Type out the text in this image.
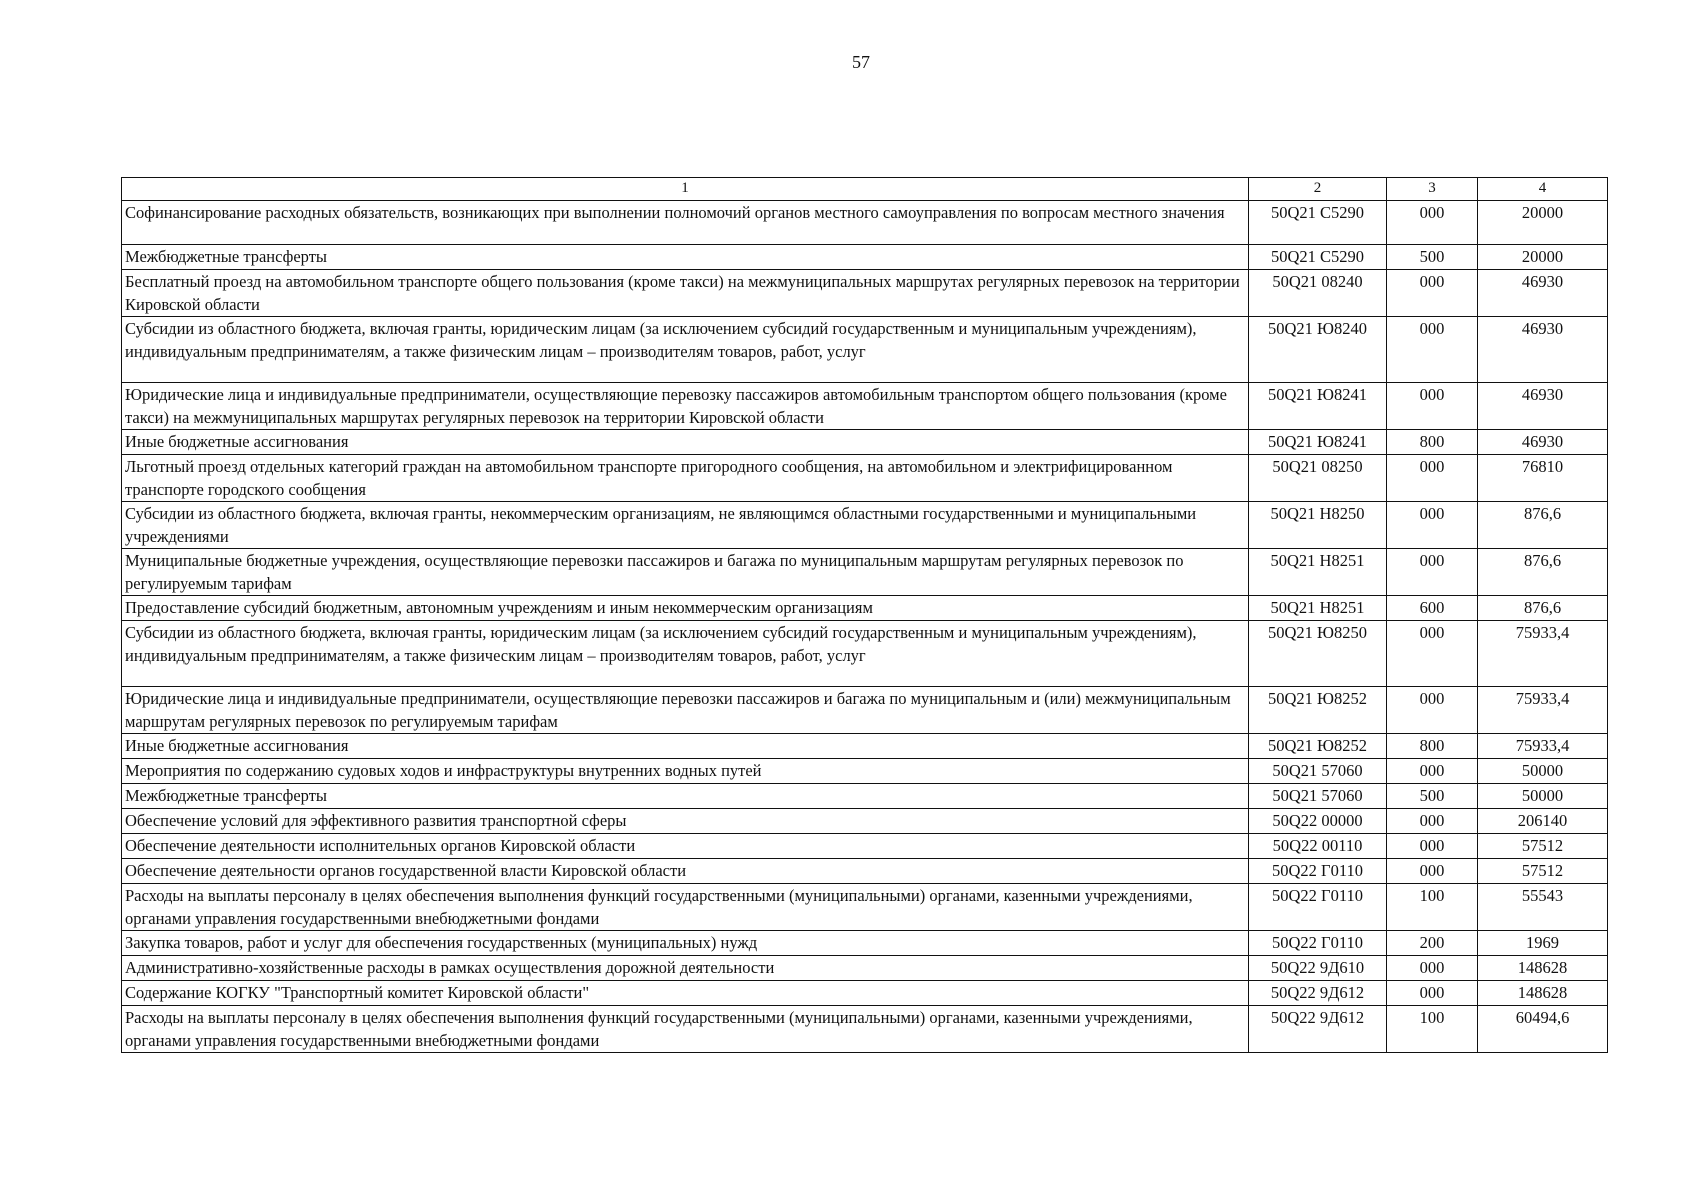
57
1	2	3	4
Софинансирование расходных обязательств, возникающих при выполнении полномочий органов местного самоуправления по вопросам местного значения	50Q21 С5290	000	20000
Межбюджетные трансферты	50Q21 С5290	500	20000
Бесплатный проезд на автомобильном транспорте общего пользования (кроме такси) на межмуниципальных маршрутах регулярных перевозок на территории Кировской области	50Q21 08240	000	46930
Субсидии из областного бюджета, включая гранты, юридическим лицам (за исключением субсидий государственным и муниципальным учреждениям), индивидуальным предпринимателям, а также физическим лицам – производителям товаров, работ, услуг	50Q21 Ю8240	000	46930
Юридические лица и индивидуальные предприниматели, осуществляющие перевозку пассажиров автомобильным транспортом общего пользования (кроме такси) на межмуниципальных маршрутах регулярных перевозок на территории Кировской области	50Q21 Ю8241	000	46930
Иные бюджетные ассигнования	50Q21 Ю8241	800	46930
Льготный проезд отдельных категорий граждан на автомобильном транспорте пригородного сообщения, на автомобильном и электрифицированном транспорте городского сообщения	50Q21 08250	000	76810
Субсидии из областного бюджета, включая гранты, некоммерческим организациям, не являющимся областными государственными и муниципальными учреждениями	50Q21 Н8250	000	876,6
Муниципальные бюджетные учреждения, осуществляющие перевозки пассажиров и багажа по муниципальным маршрутам регулярных перевозок по регулируемым тарифам	50Q21 Н8251	000	876,6
Предоставление субсидий бюджетным, автономным учреждениям и иным некоммерческим организациям	50Q21 Н8251	600	876,6
Субсидии из областного бюджета, включая гранты, юридическим лицам (за исключением субсидий государственным и муниципальным учреждениям), индивидуальным предпринимателям, а также физическим лицам – производителям товаров, работ, услуг	50Q21 Ю8250	000	75933,4
Юридические лица и индивидуальные предприниматели, осуществляющие перевозки пассажиров и багажа по муниципальным и (или) межмуниципальным маршрутам регулярных перевозок по регулируемым тарифам	50Q21 Ю8252	000	75933,4
Иные бюджетные ассигнования	50Q21 Ю8252	800	75933,4
Мероприятия по содержанию судовых ходов и инфраструктуры внутренних водных путей	50Q21 57060	000	50000
Межбюджетные трансферты	50Q21 57060	500	50000
Обеспечение условий для эффективного развития транспортной сферы	50Q22 00000	000	206140
Обеспечение деятельности исполнительных органов Кировской области	50Q22 00110	000	57512
Обеспечение деятельности органов государственной власти Кировской области	50Q22 Г0110	000	57512
Расходы на выплаты персоналу в целях обеспечения выполнения функций государственными (муниципальными) органами, казенными учреждениями, органами управления государственными внебюджетными фондами	50Q22 Г0110	100	55543
Закупка товаров, работ и услуг для обеспечения государственных (муниципальных) нужд	50Q22 Г0110	200	1969
Административно-хозяйственные расходы в рамках осуществления дорожной деятельности	50Q22 9Д610	000	148628
Содержание КОГКУ "Транспортный комитет Кировской области"	50Q22 9Д612	000	148628
Расходы на выплаты персоналу в целях обеспечения выполнения функций государственными (муниципальными) органами, казенными учреждениями, органами управления государственными внебюджетными фондами	50Q22 9Д612	100	60494,6
